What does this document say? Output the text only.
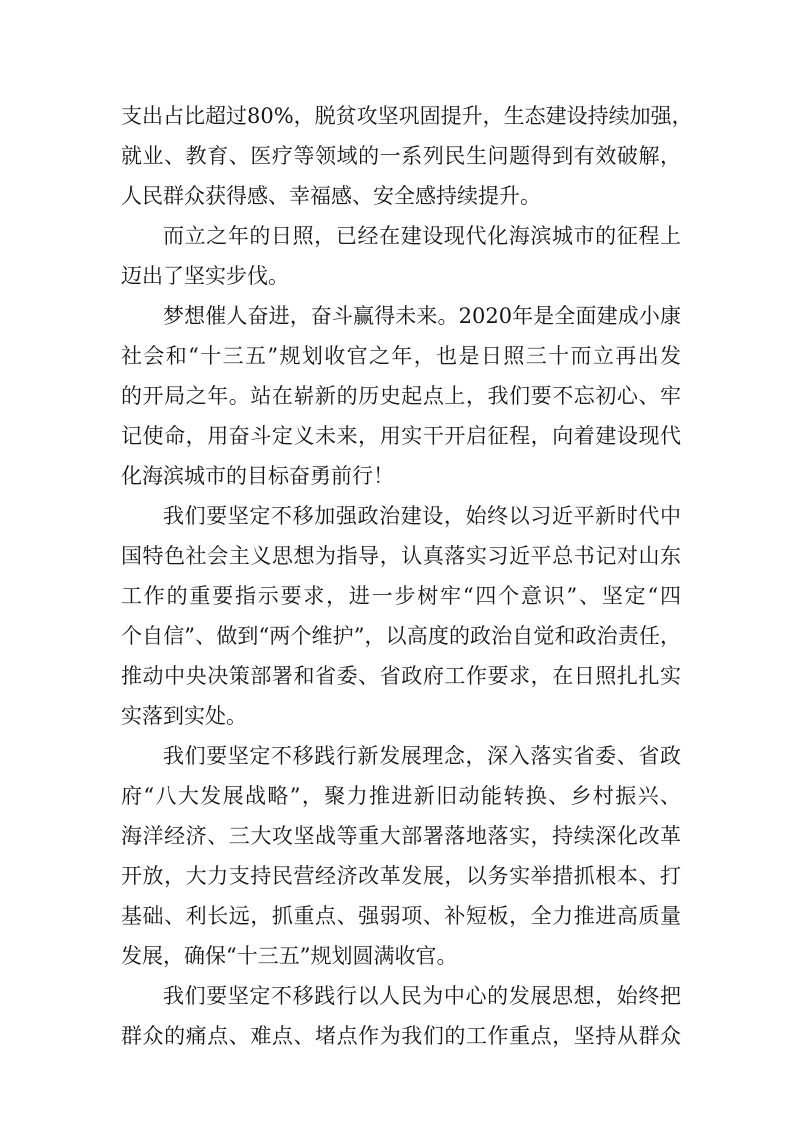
支出占比超过80%，脱贫攻坚巩固提升，生态建设持续加强，
就业、教育、医疗等领域的一系列民生问题得到有效破解，
人民群众获得感、幸福感、安全感持续提升。
而立之年的日照，已经在建设现代化海滨城市的征程上
迈出了坚实步伐。
梦想催人奋进，奋斗赢得未来。2020年是全面建成小康
社会和“十三五”规划收官之年，也是日照三十而立再出发
的开局之年。站在崭新的历史起点上，我们要不忘初心、牢
记使命，用奋斗定义未来，用实干开启征程，向着建设现代
化海滨城市的目标奋勇前行！
我们要坚定不移加强政治建设，始终以习近平新时代中
国特色社会主义思想为指导，认真落实习近平总书记对山东
工作的重要指示要求，进一步树牢“四个意识”、坚定“四
个自信”、做到“两个维护”，以高度的政治自觉和政治责任，
推动中央决策部署和省委、省政府工作要求，在日照扎扎实
实落到实处。
我们要坚定不移践行新发展理念，深入落实省委、省政
府“八大发展战略”，聚力推进新旧动能转换、乡村振兴、
海洋经济、三大攻坚战等重大部署落地落实，持续深化改革
开放，大力支持民营经济改革发展，以务实举措抓根本、打
基础、利长远，抓重点、强弱项、补短板，全力推进高质量
发展，确保“十三五”规划圆满收官。
我们要坚定不移践行以人民为中心的发展思想，始终把
群众的痛点、难点、堵点作为我们的工作重点，坚持从群众
